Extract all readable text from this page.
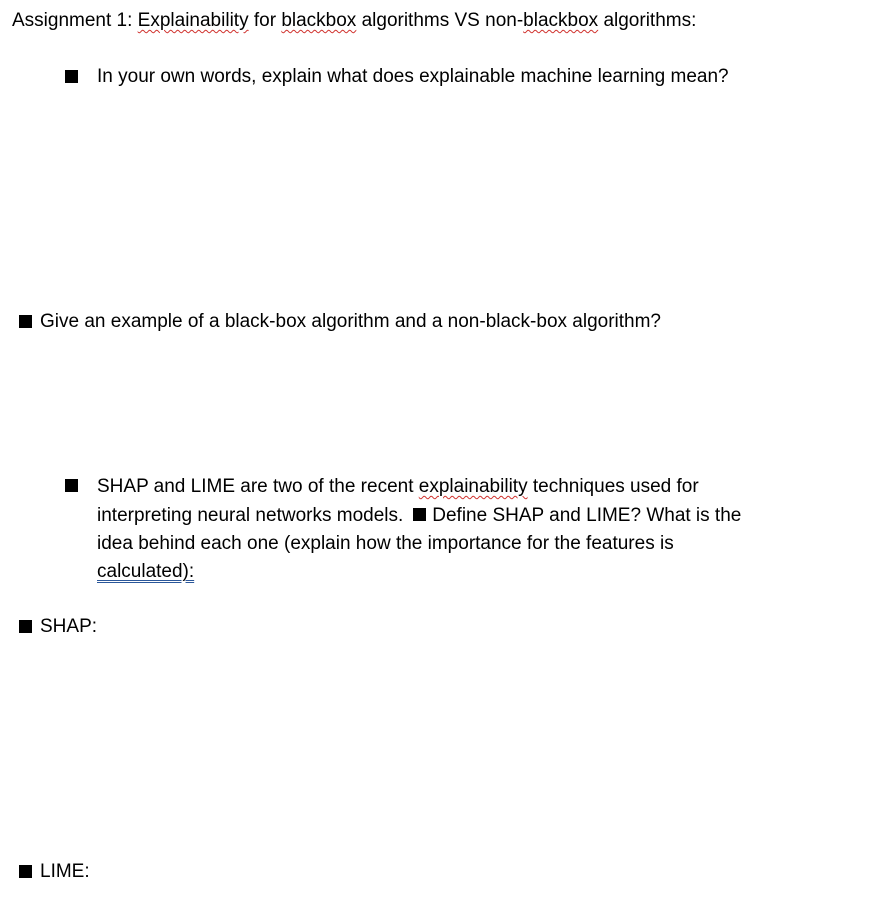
Assignment 1: Explainability for blackbox algorithms VS non-blackbox algorithms:
In your own words, explain what does explainable machine learning mean?
Give an example of a black-box algorithm and a non-black-box algorithm?
SHAP and LIME are two of the recent explainability techniques used for
interpreting neural networks models. Define SHAP and LIME? What is the
idea behind each one (explain how the importance for the features is
calculated):
SHAP:
LIME:
